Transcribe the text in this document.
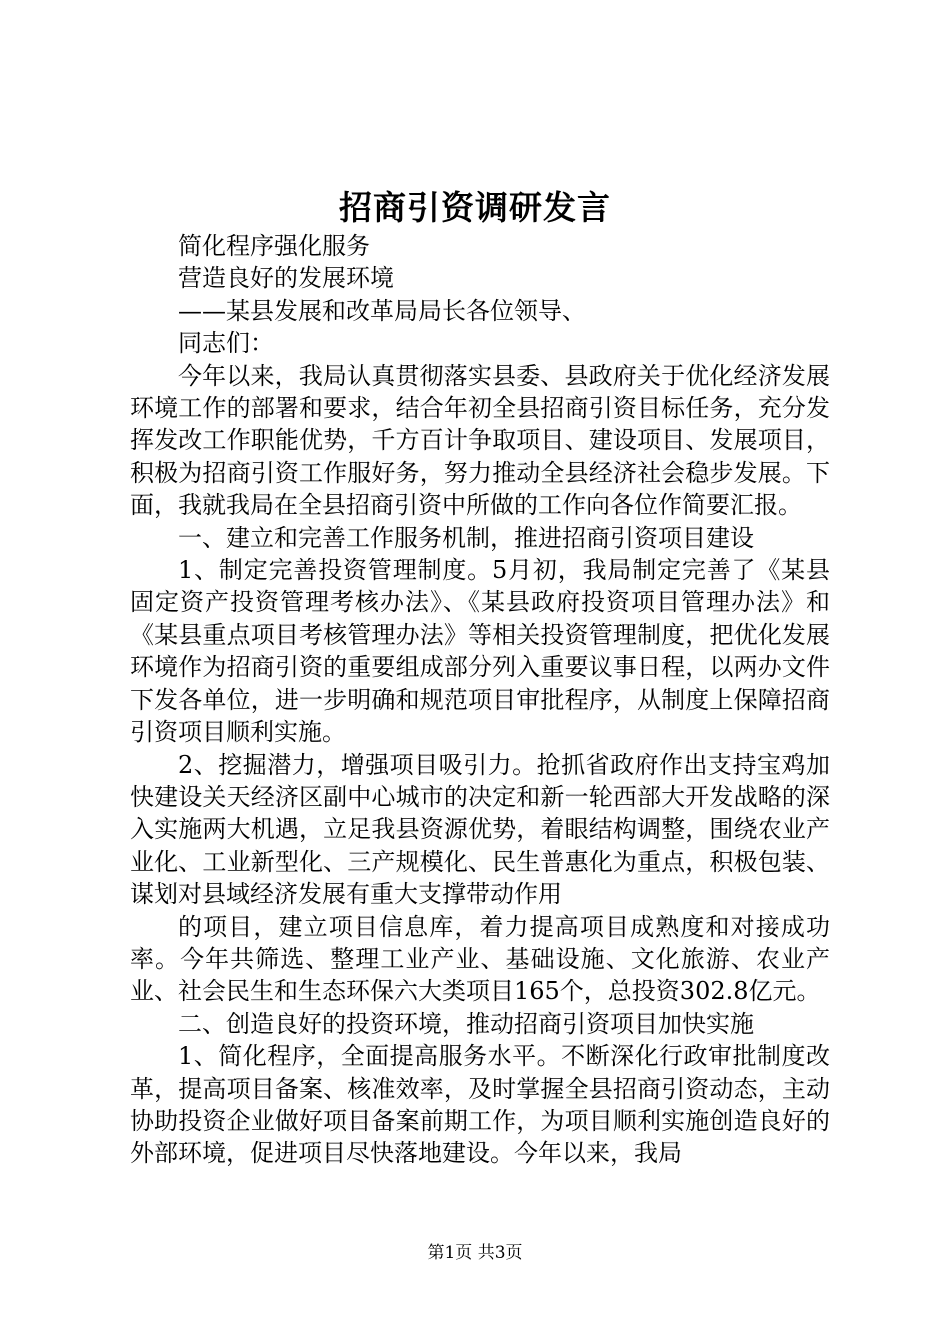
招商引资调研发言

简化程序强化服务

营造良好的发展环境

——某县发展和改革局局长各位领导、

同志们：

今年以来，我局认真贯彻落实县委、县政府关于优化经济发展环境工作的部署和要求，结合年初全县招商引资目标任务，充分发挥发改工作职能优势，千方百计争取项目、建设项目、发展项目，积极为招商引资工作服好务，努力推动全县经济社会稳步发展。下面，我就我局在全县招商引资中所做的工作向各位作简要汇报。

一、建立和完善工作服务机制，推进招商引资项目建设

1、制定完善投资管理制度。5月初，我局制定完善了《某县固定资产投资管理考核办法》、《某县政府投资项目管理办法》和《某县重点项目考核管理办法》等相关投资管理制度，把优化发展环境作为招商引资的重要组成部分列入重要议事日程，以两办文件下发各单位，进一步明确和规范项目审批程序，从制度上保障招商引资项目顺利实施。

2、挖掘潜力，增强项目吸引力。抢抓省政府作出支持宝鸡加快建设关天经济区副中心城市的决定和新一轮西部大开发战略的深入实施两大机遇，立足我县资源优势，着眼结构调整，围绕农业产业化、工业新型化、三产规模化、民生普惠化为重点，积极包装、谋划对县域经济发展有重大支撑带动作用

的项目，建立项目信息库，着力提高项目成熟度和对接成功率。今年共筛选、整理工业产业、基础设施、文化旅游、农业产业、社会民生和生态环保六大类项目165个，总投资302.8亿元。

二、创造良好的投资环境，推动招商引资项目加快实施

1、简化程序，全面提高服务水平。不断深化行政审批制度改革，提高项目备案、核准效率，及时掌握全县招商引资动态，主动协助投资企业做好项目备案前期工作，为项目顺利实施创造良好的外部环境，促进项目尽快落地建设。今年以来，我局

第1页 共3页
